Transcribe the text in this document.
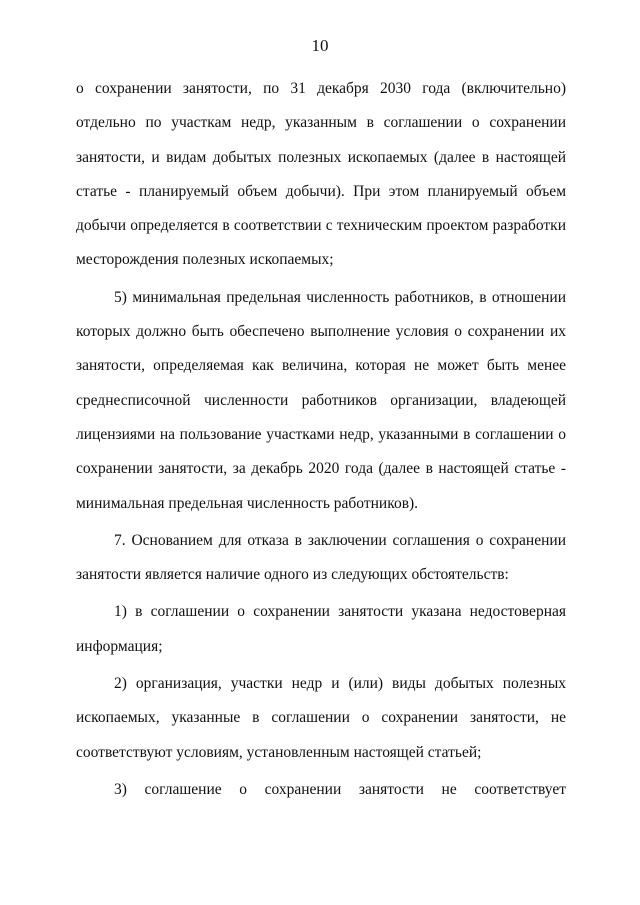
10

о сохранении занятости, по 31 декабря 2030 года (включительно) отдельно по участкам недр, указанным в соглашении о сохранении занятости, и видам добытых полезных ископаемых (далее в настоящей статье - планируемый объем добычи). При этом планируемый объем добычи определяется в соответствии с техническим проектом разработки месторождения полезных ископаемых;

5) минимальная предельная численность работников, в отношении которых должно быть обеспечено выполнение условия о сохранении их занятости, определяемая как величина, которая не может быть менее среднесписочной численности работников организации, владеющей лицензиями на пользование участками недр, указанными в соглашении о сохранении занятости, за декабрь 2020 года (далее в настоящей статье - минимальная предельная численность работников).

7. Основанием для отказа в заключении соглашения о сохранении занятости является наличие одного из следующих обстоятельств:

1) в соглашении о сохранении занятости указана недостоверная информация;

2) организация, участки недр и (или) виды добытых полезных ископаемых, указанные в соглашении о сохранении занятости, не соответствуют условиям, установленным настоящей статьей;

3) соглашение о сохранении занятости не соответствует
